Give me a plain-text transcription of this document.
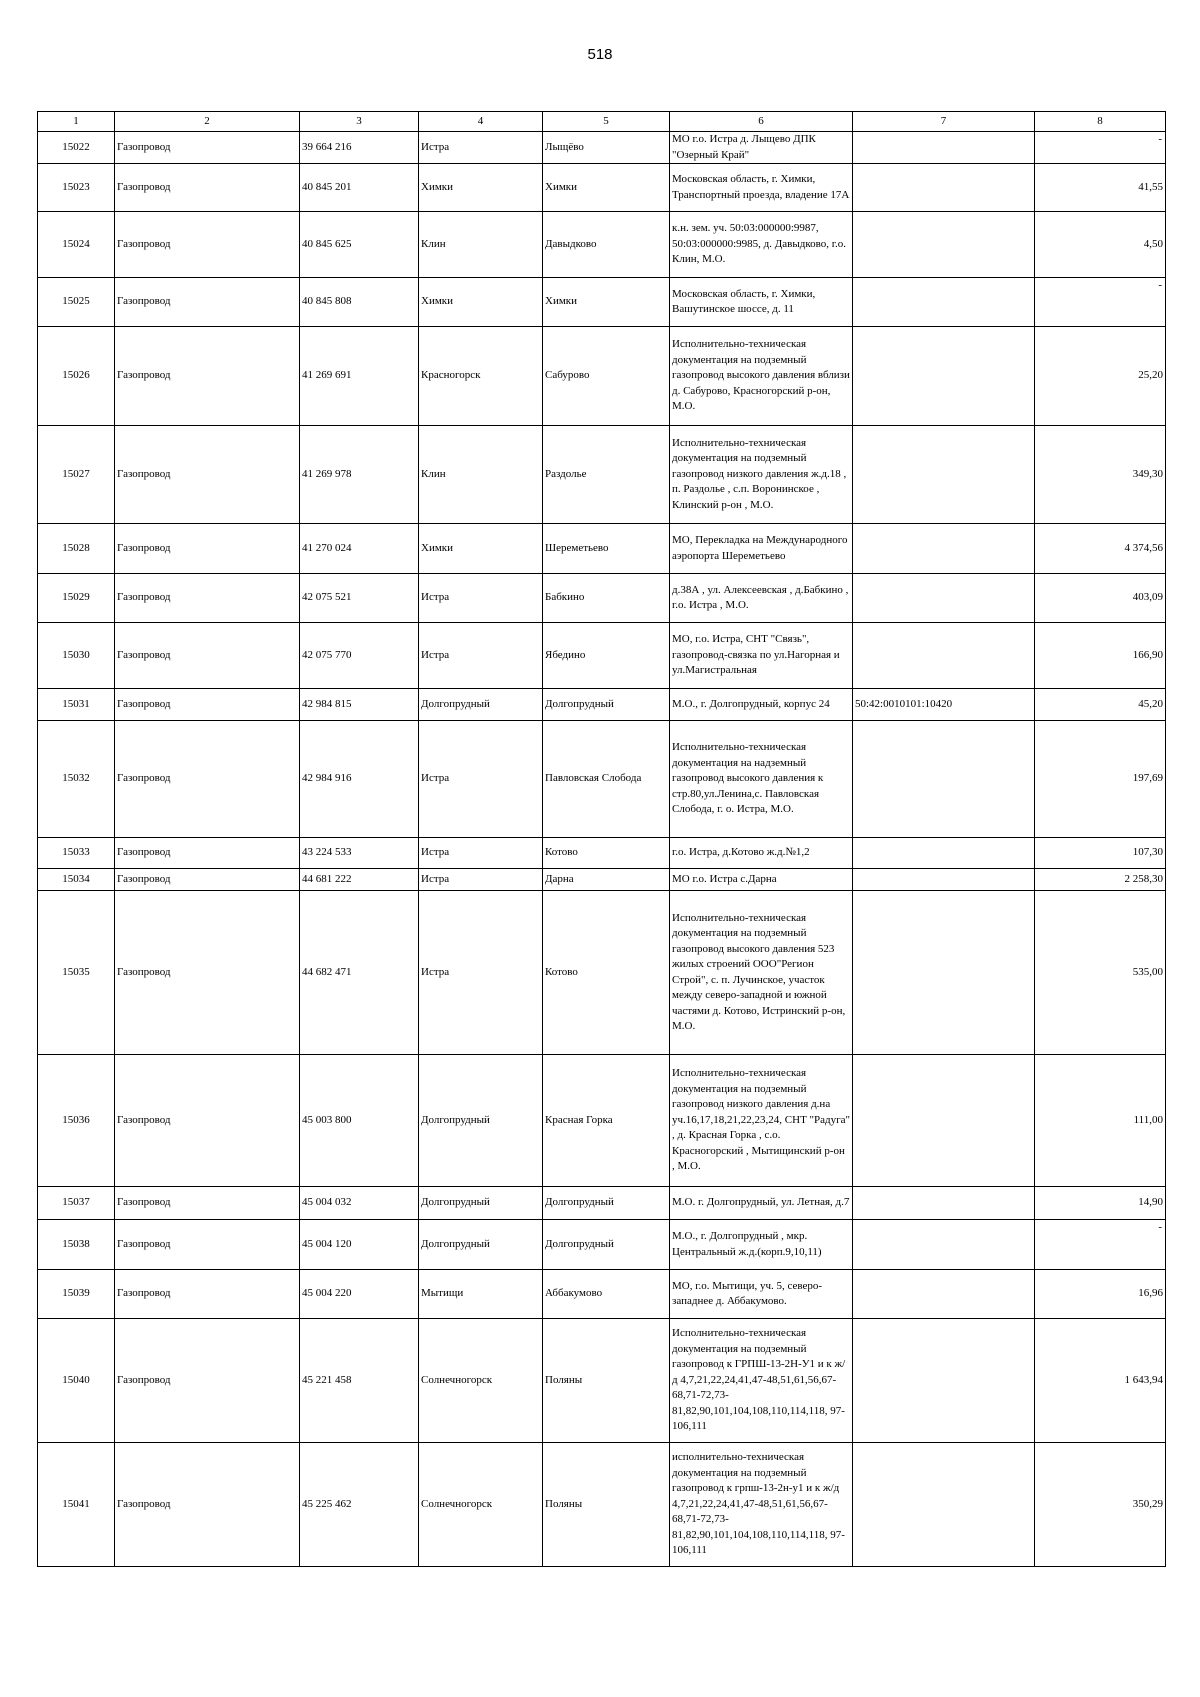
518
1	2	3	4	5	6	7	8
15022	Газопровод	39 664 216	Истра	Лыщёво	МО г.о. Истра д. Лыщево ДПК "Озерный Край"		-

15023	Газопровод	40 845 201	Химки	Химки	Московская область, г. Химки, Транспортный проезда, владение 17А		41,55
15024	Газопровод	40 845 625	Клин	Давыдково	к.н. зем. уч. 50:03:000000:9987, 50:03:000000:9985, д. Давыдково, г.о. Клин, М.О.		4,50
15025	Газопровод	40 845 808	Химки	Химки	Московская область, г. Химки, Вашутинское шоссе, д. 11		-

15026	Газопровод	41 269 691	Красногорск	Сабурово	Исполнительно-техническая документация на подземный газопровод высокого давления вблизи д. Сабурово, Красногорский р-он, М.О.		25,20
15027	Газопровод	41 269 978	Клин	Раздолье	Исполнительно-техническая документация на подземный газопровод низкого давления ж.д.18 , п. Раздолье , с.п. Воронинское , Клинский р-он , М.О.		349,30
15028	Газопровод	41 270 024	Химки	Шереметьево	МО, Перекладка на Международного аэропорта Шереметьево		4 374,56
15029	Газопровод	42 075 521	Истра	Бабкино	д.38А , ул. Алексеевская , д.Бабкино , г.о. Истра , М.О.		403,09
15030	Газопровод	42 075 770	Истра	Ябедино	МО, г.о. Истра, СНТ "Связь", газопровод-связка по ул.Нагорная и ул.Магистральная		166,90
15031	Газопровод	42 984 815	Долгопрудный	Долгопрудный	М.О., г. Долгопрудный, корпус 24	50:42:0010101:10420	45,20
15032	Газопровод	42 984 916	Истра	Павловская Слобода	Исполнительно-техническая документация на надземный газопровод высокого давления к стр.80,ул.Ленина,с. Павловская Слобода, г. о. Истра, М.О.		197,69
15033	Газопровод	43 224 533	Истра	Котово	г.о. Истра, д.Котово ж.д.№1,2		107,30
15034	Газопровод	44 681 222	Истра	Дарна	МО г.о. Истра с.Дарна		2 258,30
15035	Газопровод	44 682 471	Истра	Котово	Исполнительно-техническая документация на подземный газопровод высокого давления 523 жилых строений ООО"Регион Строй", с. п. Лучинское, участок между северо-западной и южной частями д. Котово, Истринский р-он, М.О.		535,00
15036	Газопровод	45 003 800	Долгопрудный	Красная Горка	Исполнительно-техническая документация на подземный газопровод низкого давления д.на уч.16,17,18,21,22,23,24, СНТ "Радуга" , д. Красная Горка , с.о. Красногорский , Мытищинский р-он , М.О.		111,00
15037	Газопровод	45 004 032	Долгопрудный	Долгопрудный	М.О. г. Долгопрудный, ул. Летная, д.7		14,90
15038	Газопровод	45 004 120	Долгопрудный	Долгопрудный	М.О., г. Долгопрудный , мкр. Центральный ж.д.(корп.9,10,11)		-

15039	Газопровод	45 004 220	Мытищи	Аббакумово	МО, г.о. Мытищи, уч. 5, северо-западнее д. Аббакумово.		16,96
15040	Газопровод	45 221 458	Солнечногорск	Поляны	Исполнительно-техническая документация на подземный газопровод к ГРПШ-13-2Н-У1 и к ж/д 4,7,21,22,24,41,47-48,51,61,56,67-68,71-72,73-81,82,90,101,104,108,110,114,118, 97-106,111		1 643,94
15041	Газопровод	45 225 462	Солнечногорск	Поляны	исполнительно-техническая документация на подземный газопровод к грпш-13-2н-у1 и к ж/д 4,7,21,22,24,41,47-48,51,61,56,67-68,71-72,73-81,82,90,101,104,108,110,114,118, 97-106,111		350,29
